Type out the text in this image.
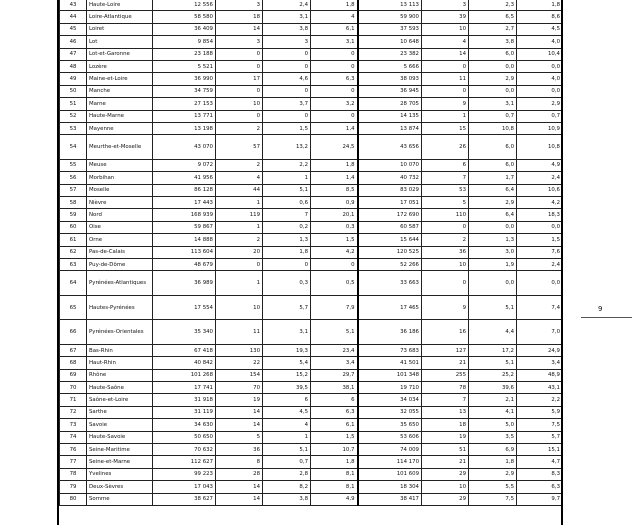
43	Haute-Loire	12 556	3	2,4	1,8	13 113	3	2,3	1,8
44	Loire-Atlantique	58 580	18	3,1	4	59 900	39	6,5	8,6
45	Loiret	36 409	14	3,8	6,1	37 593	10	2,7	4,5
46	Lot	9 854	3	3	3,1	10 648	4	3,8	4,0
47	Lot-et-Garonne	23 188	0	0	0	23 382	14	6,0	10,4
48	Lozère	5 521	0	0	0	5 666	0	0,0	0,0
49	Maine-et-Loire	36 990	17	4,6	6,3	38 093	11	2,9	4,0
50	Manche	34 759	0	0	0	36 945	0	0,0	0,0
51	Marne	27 153	10	3,7	3,2	28 705	9	3,1	2,9
52	Haute-Marne	13 771	0	0	0	14 135	1	0,7	0,7
53	Mayenne	13 198	2	1,5	1,4	13 874	15	10,8	10,9
54	Meurthe-et-Moselle	43 070	57	13,2	24,5	43 656	26	6,0	10,8
55	Meuse	9 072	2	2,2	1,8	10 070	6	6,0	4,9
56	Morbihan	41 956	4	1	1,4	40 732	7	1,7	2,4
57	Moselle	86 128	44	5,1	8,5	83 029	53	6,4	10,6
58	Nièvre	17 443	1	0,6	0,9	17 051	5	2,9	4,2
59	Nord	168 939	119	7	20,1	172 690	110	6,4	18,3
60	Oise	59 867	1	0,2	0,3	60 587	0	0,0	0,0
61	Orne	14 888	2	1,3	1,5	15 644	2	1,3	1,5
62	Pas-de-Calais	113 604	20	1,8	4,2	120 525	36	3,0	7,6
63	Puy-de-Dôme	48 679	0	0	0	52 266	10	1,9	2,4
64	Pyrénées-Atlantiques	36 989	1	0,3	0,5	33 663	0	0,0	0,0
65	Hautes-Pyrénées	17 554	10	5,7	7,9	17 465	9	5,1	7,4
66	Pyrénées-Orientales	35 340	11	3,1	5,1	36 186	16	4,4	7,0
67	Bas-Rhin	67 418	130	19,3	23,4	73 683	127	17,2	24,9
68	Haut-Rhin	40 842	22	5,4	3,4	41 501	21	5,1	3,4
69	Rhône	101 268	154	15,2	29,7	101 348	255	25,2	48,9
70	Haute-Saône	17 741	70	39,5	38,1	19 710	78	39,6	43,1
71	Saône-et-Loire	31 918	19	6	6	34 034	7	2,1	2,2
72	Sarthe	31 119	14	4,5	6,3	32 055	13	4,1	5,9
73	Savoie	34 630	14	4	6,1	35 650	18	5,0	7,5
74	Haute-Savoie	50 650	5	1	1,5	53 606	19	3,5	5,7
76	Seine-Maritime	70 632	36	5,1	10,7	74 009	51	6,9	15,1
77	Seine-et-Marne	112 627	8	0,7	1,8	114 170	21	1,8	4,7
78	Yvelines	99 223	28	2,8	8,1	101 609	29	2,9	8,3
79	Deux-Sèvres	17 043	14	8,2	8,1	18 304	10	5,5	6,3
80	Somme	38 627	14	3,8	4,9	38 417	29	7,5	9,7
9
